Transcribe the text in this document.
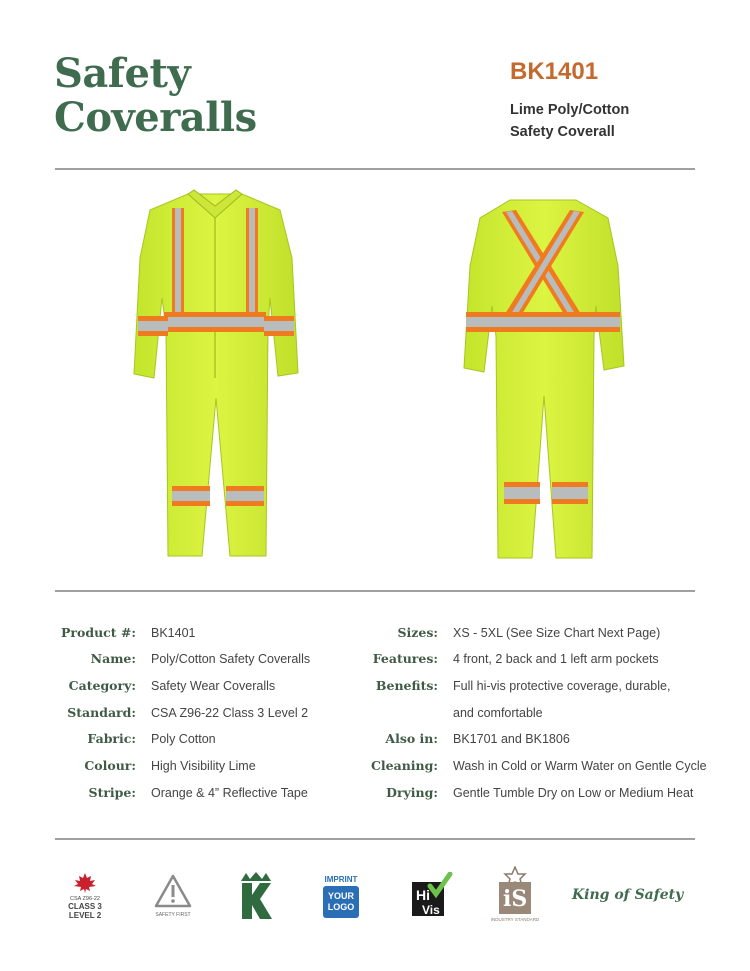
Safety
Coveralls
BK1401
Lime Poly/Cotton
Safety Coverall
Product #: BK1401
Name: Poly/Cotton Safety Coveralls
Category: Safety Wear Coveralls
Standard: CSA Z96-22 Class 3 Level 2
Fabric: Poly Cotton
Colour: High Visibility Lime
Stripe: Orange & 4” Reflective Tape
Sizes: XS - 5XL (See Size Chart Next Page)
Features: 4 front, 2 back and 1 left arm pockets
Benefits: Full hi-vis protective coverage, durable,
and comfortable
Also in: BK1701 and BK1806
Cleaning: Wash in Cold or Warm Water on Gentle Cycle
Drying: Gentle Tumble Dry on Low or Medium Heat
CSA Z96-22
CLASS 3
LEVEL 2	SAFETY FIRST
IMPRINT
YOUR
LOGO
Hi
Vis	iS
INDUSTRY STANDARD
King of Safety
